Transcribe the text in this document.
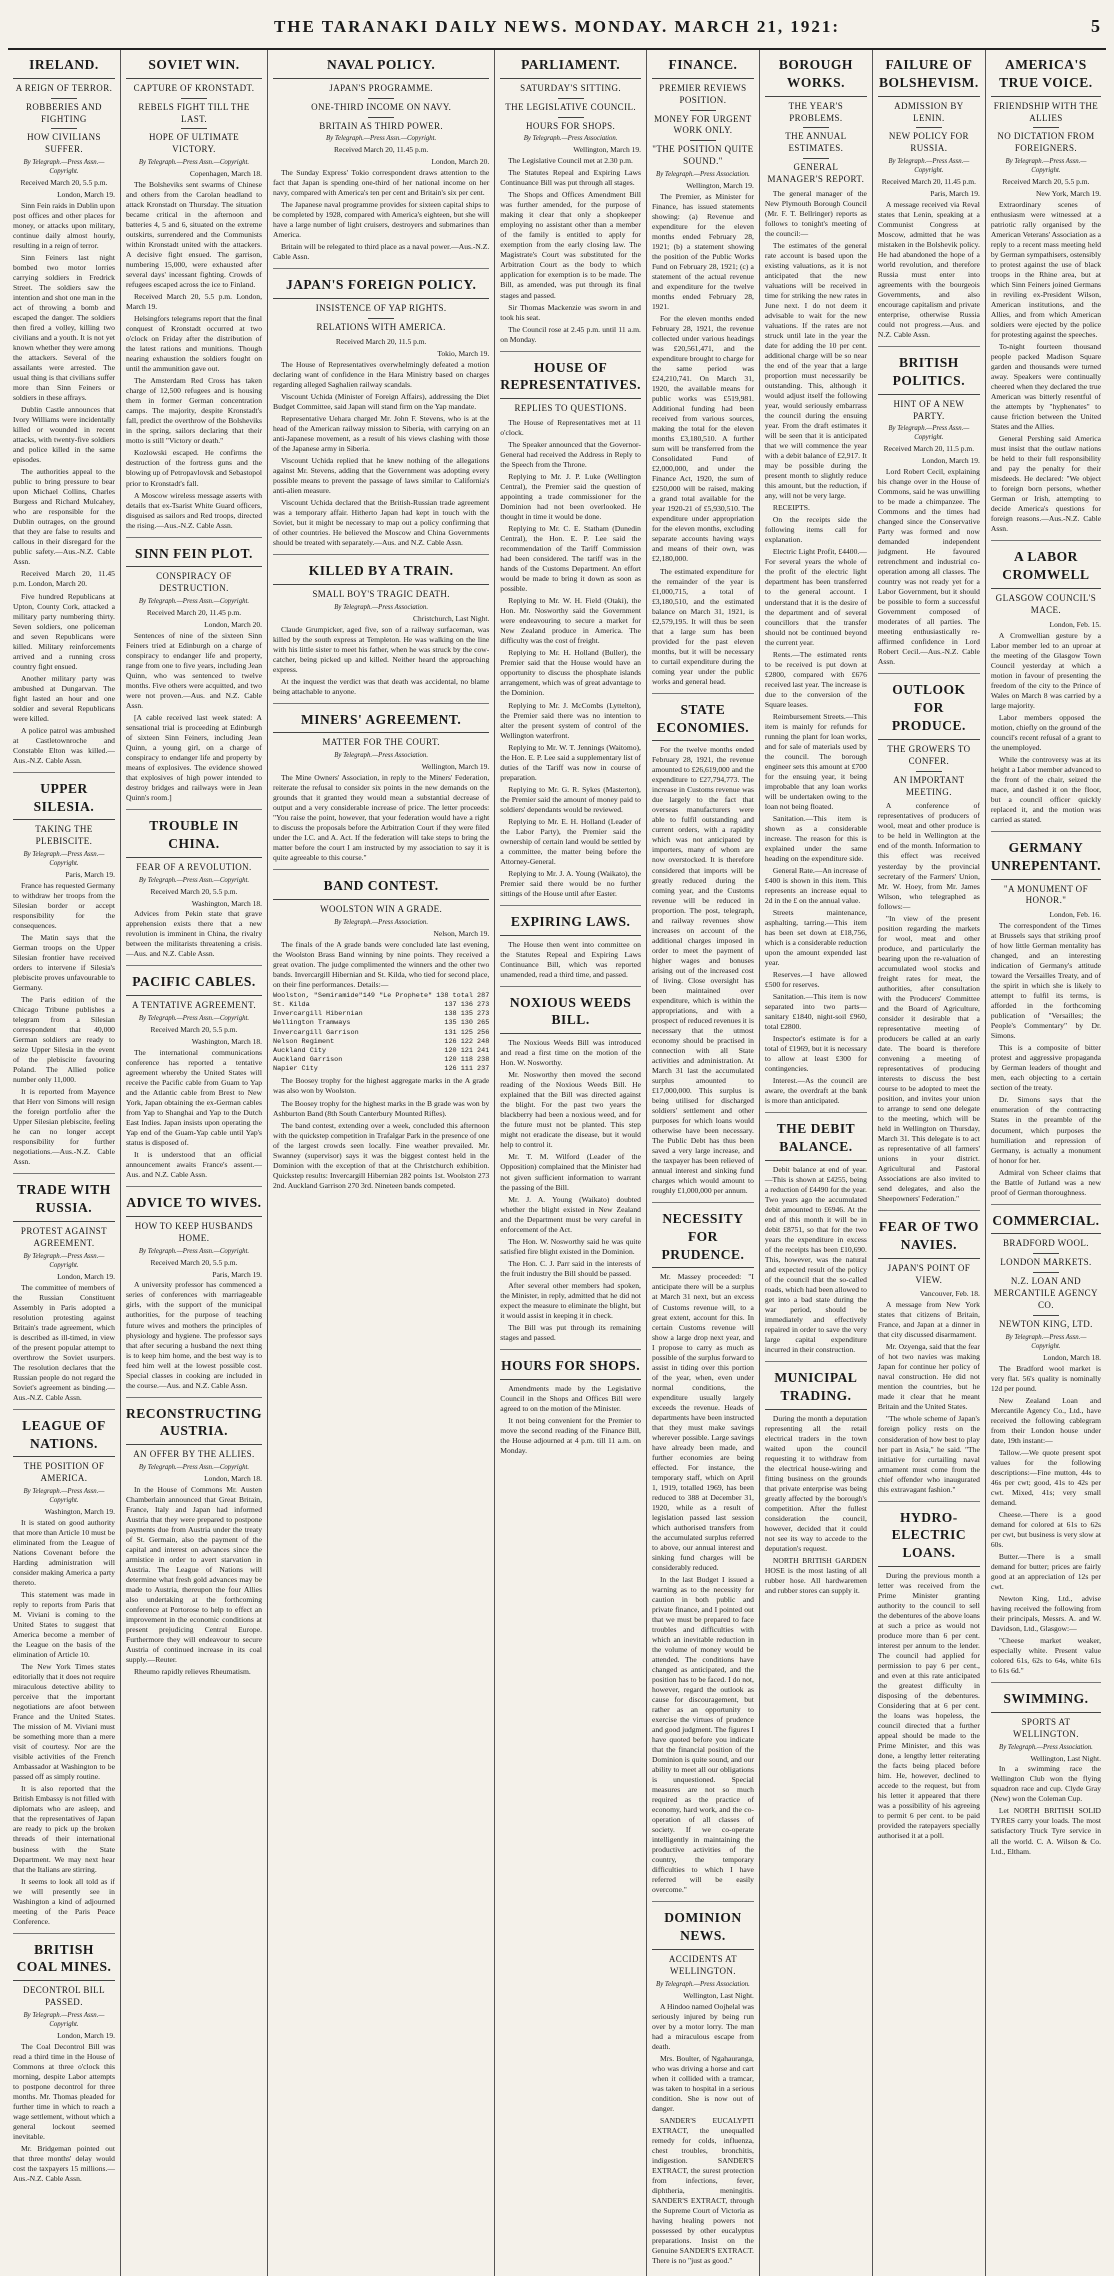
THE TARANAKI DAILY NEWS. MONDAY. MARCH 21, 1921:	5
IRELAND.
A REIGN OF TERROR.
ROBBERIES AND FIGHTING
HOW CIVILIANS SUFFER.
By Telegraph.—Press Assn.—Copyright.
Received March 20, 5.5 p.m.
London, March 19.

Sinn Fein raids in Dublin upon post offices and other places for money, or attacks upon military, continue daily almost hourly, resulting in a reign of terror.

Sinn Feiners last night bombed two motor lorries carrying soldiers in Fredrick Street. The soldiers saw the intention and shot one man in the act of throwing a bomb and escaped the danger. The soldiers then fired a volley, killing two civilians and a youth. It is not yet known whether they were among the attackers. Several of the assailants were arrested. The usual thing is that civilians suffer more than Sinn Feiners or soldiers in these affrays.

Dublin Castle announces that Ivory Williams were incidentally killed or wounded in recent attacks, with twenty-five soldiers and police killed in the same episodes.

The authorities appeal to the public to bring pressure to bear upon Michael Collins, Charles Burgess and Richard Mulcahey, who are responsible for the Dublin outrages, on the ground that they are false to results and callous in their disregard for the public safety.—Aus.-N.Z. Cable Assn.

Received March 20, 11.45 p.m. London, March 20.

Five hundred Republicans at Upton, County Cork, attacked a military party numbering thirty. Seven soldiers, one policeman and seven Republicans were killed. Military reinforcements arrived and a running cross country fight ensued.

Another military party was ambushed at Dungarvan. The fight lasted an hour and one soldier and several Republicans were killed.

A police patrol was ambushed at Castletownroche and Constable Elton was killed.—Aus.-N.Z. Cable Assn.

UPPER SILESIA.
TAKING THE PLEBISCITE.
By Telegraph.—Press Assn.—Copyright.
Paris, March 19.

France has requested Germany to withdraw her troops from the Silesian border or accept responsibility for the consequences.

The Matin says that the German troops on the Upper Silesian frontier have received orders to intervene if Silesia's plebiscite proves unfavourable to Germany.

The Paris edition of the Chicago Tribune publishes a telegram from a Silesian correspondent that 40,000 German soldiers are ready to seize Upper Silesia in the event of the plebiscite favouring Poland. The Allied police number only 11,000.

It is reported from Mayence that Herr von Simons will resign the foreign portfolio after the Upper Silesian plebiscite, feeling he can no longer accept responsibility for further negotiations.—Aus.-N.Z. Cable Assn.

TRADE WITH RUSSIA.
PROTEST AGAINST AGREEMENT.
By Telegraph.—Press Assn.—Copyright.
London, March 19.

The committee of members of the Russian Constituent Assembly in Paris adopted a resolution protesting against Britain's trade agreement, which is described as ill-timed, in view of the present popular attempt to overthrow the Soviet usurpers. The resolution declares that the Russian people do not regard the Soviet's agreement as binding.—Aus.-N.Z. Cable Assn.

LEAGUE OF NATIONS.
THE POSITION OF AMERICA.
By Telegraph.—Press Assn.—Copyright.
Washington, March 19.

It is stated on good authority that more than Article 10 must be eliminated from the League of Nations Covenant before the Harding administration will consider making America a party thereto.

This statement was made in reply to reports from Paris that M. Viviani is coming to the United States to suggest that America become a member of the League on the basis of the elimination of Article 10.

The New York Times states editorially that it does not require miraculous detective ability to perceive that the important negotiations are afoot between France and the United States. The mission of M. Viviani must be something more than a mere visit of courtesy. Nor are the visible activities of the French Ambassador at Washington to be passed off as simply routine.

It is also reported that the British Embassy is not filled with diplomats who are asleep, and that the representatives of Japan are ready to pick up the broken threads of their international business with the State Department. We may next hear that the Italians are stirring.

It seems to look all told as if we will presently see in Washington a kind of adjourned meeting of the Paris Peace Conference.

BRITISH COAL MINES.
DECONTROL BILL PASSED.
By Telegraph.—Press Assn.—Copyright.
London, March 19.

The Coal Decontrol Bill was read a third time in the House of Commons at three o'clock this morning, despite Labor attempts to postpone decontrol for three months. Mr. Thomas pleaded for further time in which to reach a wage settlement, without which a general lockout seemed inevitable.

Mr. Bridgeman pointed out that three months' delay would cost the taxpayers 15 millions.—Aus.-N.Z. Cable Assn.

SOVIET WIN.
CAPTURE OF KRONSTADT.
REBELS FIGHT TILL THE LAST.
HOPE OF ULTIMATE VICTORY.
By Telegraph.—Press Assn.—Copyright.
Copenhagen, March 18.

The Bolsheviks sent swarms of Chinese and others from the Carolan headland to attack Kronstadt on Thursday. The situation became critical in the afternoon and batteries 4, 5 and 6, situated on the extreme outskirts, surrendered and the Communists within Kronstadt united with the attackers. A decisive fight ensued. The garrison, numbering 15,000, were exhausted after several days' incessant fighting. Crowds of refugees escaped across the ice to Finland.

Received March 20, 5.5 p.m. London, March 19.

Helsingfors telegrams report that the final conquest of Kronstadt occurred at two o'clock on Friday after the distribution of the latest rations and munitions. Though nearing exhaustion the soldiers fought on until the ammunition gave out.

The Amsterdam Red Cross has taken charge of 12,500 refugees and is housing them in former German concentration camps. The majority, despite Kronstadt's fall, predict the overthrow of the Bolsheviks in the spring, sailors declaring that their motto is still "Victory or death."

Kozlowski escaped. He confirms the destruction of the fortress guns and the blowing up of Petropavlovsk and Sebastopol prior to Kronstadt's fall.

A Moscow wireless message asserts with details that ex-Tsarist White Guard officers, disguised as sailors and Red troops, directed the rising.—Aus.-N.Z. Cable Assn.

SINN FEIN PLOT.
CONSPIRACY OF DESTRUCTION.
By Telegraph.—Press Assn.—Copyright.
Received March 20, 11.45 p.m.
London, March 20.

Sentences of nine of the sixteen Sinn Feiners tried at Edinburgh on a charge of conspiracy to endanger life and property, range from one to five years, including Jean Quinn, who was sentenced to twelve months. Five others were acquitted, and two were not proven.—Aus. and N.Z. Cable Assn.

[A cable received last week stated: A sensational trial is proceeding at Edinburgh of sixteen Sinn Feiners, including Jean Quinn, a young girl, on a charge of conspiracy to endanger life and property by means of explosives. The evidence showed that explosives of high power intended to destroy bridges and railways were in Jean Quinn's room.]

TROUBLE IN CHINA.
FEAR OF A REVOLUTION.
By Telegraph.—Press Assn.—Copyright.
Received March 20, 5.5 p.m.
Washington, March 18.

Advices from Pekin state that grave apprehension exists there that a new revolution is imminent in China, the rivalry between the militarists threatening a crisis.—Aus. and N.Z. Cable Assn.

PACIFIC CABLES.
A TENTATIVE AGREEMENT.
By Telegraph.—Press Assn.—Copyright.
Received March 20, 5.5 p.m.
Washington, March 18.

The international communications conference has reported a tentative agreement whereby the United States will receive the Pacific cable from Guam to Yap and the Atlantic cable from Brest to New York, Japan obtaining the ex-German cables from Yap to Shanghai and Yap to the Dutch East Indies. Japan insists upon operating the Yap end of the Guam-Yap cable until Yap's status is disposed of.

It is understood that an official announcement awaits France's assent.—Aus. and N.Z. Cable Assn.

ADVICE TO WIVES.
HOW TO KEEP HUSBANDS HOME.
By Telegraph.—Press Assn.—Copyright.
Received March 20, 5.5 p.m.
Paris, March 19.

A university professor has commenced a series of conferences with marriageable girls, with the support of the municipal authorities, for the purpose of teaching future wives and mothers the principles of physiology and hygiene. The professor says that after securing a husband the next thing is to keep him home, and the best way is to feed him well at the lowest possible cost. Special classes in cooking are included in the course.—Aus. and N.Z. Cable Assn.

RECONSTRUCTING AUSTRIA.
AN OFFER BY THE ALLIES.
By Telegraph.—Press Assn.—Copyright.
London, March 18.

In the House of Commons Mr. Austen Chamberlain announced that Great Britain, France, Italy and Japan had informed Austria that they were prepared to postpone payments due from Austria under the treaty of St. Germain, also the payment of the capital and interest on advances since the armistice in order to avert starvation in Austria. The League of Nations will determine what fresh gold advances may be made to Austria, thereupon the four Allies also undertaking at the forthcoming conference at Portorose to help to effect an improvement in the economic conditions at present prejudicing Central Europe. Furthermore they will endeavour to secure Austria of continued increase in its coal supply.—Reuter.

Rheumo rapidly relieves Rheumatism.

NAVAL POLICY.
JAPAN'S PROGRAMME.
ONE-THIRD INCOME ON NAVY.
BRITAIN AS THIRD POWER.
By Telegraph.—Press Assn.—Copyright.
Received March 20, 11.45 p.m.
London, March 20.

The Sunday Express' Tokio correspondent draws attention to the fact that Japan is spending one-third of her national income on her navy, compared with America's ten per cent and Britain's six per cent.

The Japanese naval programme provides for sixteen capital ships to be completed by 1928, compared with America's eighteen, but she will have a large number of light cruisers, destroyers and submarines than America.

Britain will be relegated to third place as a naval power.—Aus.-N.Z. Cable Assn.

JAPAN'S FOREIGN POLICY.
INSISTENCE OF YAP RIGHTS.
RELATIONS WITH AMERICA.
Received March 20, 11.5 p.m.
Tokio, March 19.

The House of Representatives overwhelmingly defeated a motion declaring want of confidence in the Hara Ministry based on charges regarding alleged Saghalien railway scandals.

Viscount Uchida (Minister of Foreign Affairs), addressing the Diet Budget Committee, said Japan will stand firm on the Yap mandate.

Representative Uehara charged Mr. John F. Stevens, who is at the head of the American railway mission to Siberia, with carrying on an anti-Japanese movement, as a result of his views clashing with those of the Japanese army in Siberia.

Viscount Uchida replied that he knew nothing of the allegations against Mr. Stevens, adding that the Government was adopting every possible means to prevent the passage of laws similar to California's anti-alien measure.

Viscount Uchida declared that the British-Russian trade agreement was a temporary affair. Hitherto Japan had kept in touch with the Soviet, but it might be necessary to map out a policy confirming that of other countries. He believed the Moscow and China Governments should be treated with separately.—Aus. and N.Z. Cable Assn.

KILLED BY A TRAIN.
SMALL BOY'S TRAGIC DEATH.
By Telegraph.—Press Association.
Christchurch, Last Night.

Claude Grumpicker, aged five, son of a railway surfaceman, was killed by the south express at Templeton. He was walking on the line with his little sister to meet his father, when he was struck by the cow-catcher, being picked up and killed. Neither heard the approaching express.

At the inquest the verdict was that death was accidental, no blame being attachable to anyone.

MINERS' AGREEMENT.
MATTER FOR THE COURT.
By Telegraph.—Press Association.
Wellington, March 19.

The Mine Owners' Association, in reply to the Miners' Federation, reiterate the refusal to consider six points in the new demands on the grounds that it granted they would mean a substantial decrease of output and a very considerable increase of price. The letter proceeds: "You raise the point, however, that your federation would have a right to discuss the proposals before the Arbitration Court if they were filed under the I.C. and A. Act. If the federation will take steps to bring the matter before the court I am instructed by my association to say it is quite agreeable to this course."

BAND CONTEST.
WOOLSTON WIN A GRADE.
By Telegraph.—Press Association.
Nelson, March 19.

The finals of the A grade bands were concluded late last evening, the Woolston Brass Band winning by nine points. They received a great ovation. The judge complimented the winners and the other two bands. Invercargill Hibernian and St. Kilda, who tied for second place, on their fine performances. Details:—

Woolston, "Semiramide" 149 "Le Prophete" 138 total 287
St. Kilda	137 136 273
Invercargill Hibernian	138 135 273
Wellington Tramways	135 130 265
Invercargill Garrison	131 125 256
Nelson Regiment	126 122 248
Auckland City	120 121 241
Auckland Garrison	120 118 238
Napier City	126 111 237

The Boosey trophy for the highest aggregate marks in the A grade was also won by Woolston.

The Boosey trophy for the highest marks in the B grade was won by Ashburton Band (8th South Canterbury Mounted Rifles).

The band contest, extending over a week, concluded this afternoon with the quickstep competition in Trafalgar Park in the presence of one of the largest crowds seen locally. Fine weather prevailed. Mr. Swanney (supervisor) says it was the biggest contest held in the Dominion with the exception of that at the Christchurch exhibition. Quickstep results: Invercargill Hibernian 282 points 1st. Woolston 273 2nd. Auckland Garrison 270 3rd. Nineteen bands competed.

PARLIAMENT.
SATURDAY'S SITTING.
THE LEGISLATIVE COUNCIL.
HOURS FOR SHOPS.
By Telegraph.—Press Association.
Wellington, March 19.

The Legislative Council met at 2.30 p.m.

The Statutes Repeal and Expiring Laws Continuance Bill was put through all stages.

The Shops and Offices Amendment Bill was further amended, for the purpose of making it clear that only a shopkeeper employing no assistant other than a member of the family is entitled to apply for exemption from the early closing law. The Magistrate's Court was substituted for the Arbitration Court as the body to which application for exemption is to be made. The Bill, as amended, was put through its final stages and passed.

Sir Thomas Mackenzie was sworn in and took his seat.

The Council rose at 2.45 p.m. until 11 a.m. on Monday.

HOUSE OF REPRESENTATIVES.
REPLIES TO QUESTIONS.

The House of Representatives met at 11 o'clock.

The Speaker announced that the Governor-General had received the Address in Reply to the Speech from the Throne.

Replying to Mr. J. P. Luke (Wellington Central), the Premier said the question of appointing a trade commissioner for the Dominion had not been overlooked. He thought in time it would be done.

Replying to Mr. C. E. Statham (Dunedin Central), the Hon. E. P. Lee said the recommendation of the Tariff Commission had been considered. The tariff was in the hands of the Customs Department. An effort would be made to bring it down as soon as possible.

Replying to Mr. W. H. Field (Otaki), the Hon. Mr. Nosworthy said the Government were endeavouring to secure a market for New Zealand produce in America. The difficulty was the cost of freight.

Replying to Mr. H. Holland (Buller), the Premier said that the House would have an opportunity to discuss the phosphate islands arrangement, which was of great advantage to the Dominion.

Replying to Mr. J. McCombs (Lyttelton), the Premier said there was no intention to alter the present system of control of the Wellington waterfront.

Replying to Mr. W. T. Jennings (Waitomo), the Hon. E. P. Lee said a supplementary list of duties of the Tariff was now in course of preparation.

Replying to Mr. G. R. Sykes (Masterton), the Premier said the amount of money paid to soldiers' dependants would be reviewed.

Replying to Mr. E. H. Holland (Leader of the Labor Party), the Premier said the ownership of certain land would be settled by a committee, the matter being before the Attorney-General.

Replying to Mr. J. A. Young (Waikato), the Premier said there would be no further sittings of the House until after Easter.

EXPIRING LAWS.

The House then went into committee on the Statutes Repeal and Expiring Laws Continuance Bill, which was reported unamended, read a third time, and passed.

NOXIOUS WEEDS BILL.

The Noxious Weeds Bill was introduced and read a first time on the motion of the Hon. W. Nosworthy.

Mr. Nosworthy then moved the second reading of the Noxious Weeds Bill. He explained that the Bill was directed against the blight. For the past two years the blackberry had been a noxious weed, and for the future must not be planted. This step might not eradicate the disease, but it would help to control it.

Mr. T. M. Wilford (Leader of the Opposition) complained that the Minister had not given sufficient information to warrant the passing of the Bill.

Mr. J. A. Young (Waikato) doubted whether the blight existed in New Zealand and the Department must be very careful in enforcement of the Act.

The Hon. W. Nosworthy said he was quite satisfied fire blight existed in the Dominion.

The Hon. C. J. Parr said in the interests of the fruit industry the Bill should be passed.

After several other members had spoken, the Minister, in reply, admitted that he did not expect the measure to eliminate the blight, but it would assist in keeping it in check.

The Bill was put through its remaining stages and passed.

HOURS FOR SHOPS.

Amendments made by the Legislative Council in the Shops and Offices Bill were agreed to on the motion of the Minister.

It not being convenient for the Premier to move the second reading of the Finance Bill, the House adjourned at 4 p.m. till 11 a.m. on Monday.

FINANCE.
PREMIER REVIEWS POSITION.
MONEY FOR URGENT WORK ONLY.
"THE POSITION QUITE SOUND."
By Telegraph.—Press Association.
Wellington, March 19.

The Premier, as Minister for Finance, has issued statements showing: (a) Revenue and expenditure for the eleven months ended February 28, 1921; (b) a statement showing the position of the Public Works Fund on February 28, 1921; (c) a statement of the actual revenue and expenditure for the twelve months ended February 28, 1921.

For the eleven months ended February 28, 1921, the revenue collected under various headings was £20,561,471, and the expenditure brought to charge for the same period was £24,210,741. On March 31, 1920, the available means for public works was £519,981. Additional funding had been received from various sources, making the total for the eleven months £3,180,510. A further sum will be transferred from the Consolidated Fund of £2,000,000, and under the Finance Act, 1920, the sum of £250,000 will be raised, making a grand total available for the year 1920-21 of £5,930,510. The expenditure under appropriation for the eleven months, excluding separate accounts having ways and means of their own, was £2,180,000.

The estimated expenditure for the remainder of the year is £1,000,715, a total of £3,180,510, and the estimated balance on March 31, 1921, is £2,579,195. It will thus be seen that a large sum has been provided for the past eleven months, but it will be necessary to curtail expenditure during the coming year under the public works and general head.

STATE ECONOMIES.

For the twelve months ended February 28, 1921, the revenue amounted to £26,619,000 and the expenditure to £27,794,773. The increase in Customs revenue was due largely to the fact that overseas manufacturers were able to fulfil outstanding and current orders, with a rapidity which was not anticipated by importers, many of whom are now overstocked. It is therefore considered that imports will be greatly reduced during the coming year, and the Customs revenue will be reduced in proportion. The post, telegraph, and railway revenues show increases on account of the additional charges imposed in order to meet the payment of higher wages and bonuses arising out of the increased cost of living. Close oversight has been maintained over expenditure, which is within the appropriations, and with a prospect of reduced revenues it is necessary that the utmost economy should be practised in connection with all State activities and administration. At March 31 last the accumulated surplus amounted to £17,000,000. This surplus is being utilised for discharged soldiers' settlement and other purposes for which loans would otherwise have been necessary. The Public Debt has thus been saved a very large increase, and the taxpayer has been relieved of annual interest and sinking fund charges which would amount to roughly £1,000,000 per annum.

NECESSITY FOR PRUDENCE.

Mr. Massey proceeded: "I anticipate there will be a surplus at March 31 next, but an excess of Customs revenue will, to a great extent, account for this. In certain Customs revenue will show a large drop next year, and I propose to carry as much as possible of the surplus forward to assist in tiding over this portion of the year, when, even under normal conditions, the expenditure usually largely exceeds the revenue. Heads of departments have been instructed that they must make savings wherever possible. Large savings have already been made, and further economies are being effected. For instance, the temporary staff, which on April 1, 1919, totalled 1969, has been reduced to 388 at December 31, 1920, while as a result of legislation passed last session which authorised transfers from the accumulated surplus referred to above, our annual interest and sinking fund charges will be considerably reduced.

In the last Budget I issued a warning as to the necessity for caution in both public and private finance, and I pointed out that we must be prepared to face troubles and difficulties with which an inevitable reduction in the volume of money would be attended. The conditions have changed as anticipated, and the position has to be faced. I do not, however, regard the outlook as cause for discouragement, but rather as an opportunity to exercise the virtues of prudence and good judgment. The figures I have quoted before you indicate that the financial position of the Dominion is quite sound, and our ability to meet all our obligations is unquestioned. Special measures are not so much required as the practice of economy, hard work, and the co-operation of all classes of society. If we co-operate intelligently in maintaining the productive activities of the country, the temporary difficulties to which I have referred will be easily overcome."

DOMINION NEWS.
ACCIDENTS AT WELLINGTON.
By Telegraph.—Press Association.
Wellington, Last Night.

A Hindoo named Oojhelal was seriously injured by being run over by a motor lorry. The man had a miraculous escape from death.

Mrs. Boulter, of Ngahauranga, who was driving a horse and cart when it collided with a tramcar, was taken to hospital in a serious condition. She is now out of danger.

SANDER'S EUCALYPTI EXTRACT, the unequalled remedy for colds, influenza, chest troubles, bronchitis, indigestion. SANDER'S EXTRACT, the surest protection from infections, fever, diphtheria, meningitis. SANDER'S EXTRACT, through the Supreme Court of Victoria as having healing powers not possessed by other eucalyptus preparations. Insist on the Genuine SANDER'S EXTRACT. There is no "just as good."

BOROUGH WORKS.
THE YEAR'S PROBLEMS.
THE ANNUAL ESTIMATES.
GENERAL MANAGER'S REPORT.

The general manager of the New Plymouth Borough Council (Mr. F. T. Bellringer) reports as follows to tonight's meeting of the council:—

The estimates of the general rate account is based upon the existing valuations, as it is not anticipated that the new valuations will be received in time for striking the new rates in June next. I do not deem it advisable to wait for the new valuations. If the rates are not struck until late in the year the date for adding the 10 per cent. additional charge will be so near the end of the year that a large proportion must necessarily be outstanding. This, although it would adjust itself the following year, would seriously embarrass the council during the ensuing year. From the draft estimates it will be seen that it is anticipated that we will commence the year with a debit balance of £2,917. It may be possible during the present month to slightly reduce this amount, but the reduction, if any, will not be very large.

RECEIPTS.

On the receipts side the following items call for explanation.

Electric Light Profit, £4400.—For several years the whole of the profit of the electric light department has been transferred to the general account. I understand that it is the desire of the department and of several councillors that the transfer should not be continued beyond the current year.

Rents.—The estimated rents to be received is put down at £2800, compared with £676 received last year. The increase is due to the conversion of the Square leases.

Reimbursement Streets.—This item is mainly for refunds for running the plant for loan works, and for sale of materials used by the council. The borough engineer sets this amount at £700 for the ensuing year, it being improbable that any loan works will be undertaken owing to the loan not being floated.

Sanitation.—This item is shown as a considerable increase. The reason for this is explained under the same heading on the expenditure side.

General Rate.—An increase of £400 is shown in this item. This represents an increase equal to 2d in the £ on the annual value.

Streets maintenance, asphalting, tarring.—This item has been set down at £18,756, which is a considerable reduction upon the amount expended last year.

Reserves.—I have allowed £500 for reserves.

Sanitation.—This item is now separated into two parts—sanitary £1840, night-soil £960, total £2800.

Inspector's estimate is for a total of £1969, but it is necessary to allow at least £300 for contingencies.

Interest.—As the council are aware, the overdraft at the bank is more than anticipated.

THE DEBIT BALANCE.

Debit balance at end of year.—This is shown at £4255, being a reduction of £4490 for the year. Two years ago the accumulated debit amounted to £6946. At the end of this month it will be in debit £8751, so that for the two years the expenditure in excess of the receipts has been £10,690. This, however, was the natural and expected result of the policy of the council that the so-called roads, which had been allowed to get into a bad state during the war period, should be immediately and effectively repaired in order to save the very large capital expenditure incurred in their construction.

MUNICIPAL TRADING.

During the month a deputation representing all the retail electrical traders in the town waited upon the council requesting it to withdraw from the electrical house-wiring and fitting business on the grounds that private enterprise was being greatly affected by the borough's competition. After the fullest consideration the council, however, decided that it could not see its way to accede to the deputation's request.

NORTH BRITISH GARDEN HOSE is the most lasting of all rubber hose. All hardwaremen and rubber stores can supply it.

FAILURE OF BOLSHEVISM.
ADMISSION BY LENIN.
NEW POLICY FOR RUSSIA.
By Telegraph.—Press Assn.—Copyright.
Received March 20, 11.45 p.m.
Paris, March 19.

A message received via Reval states that Lenin, speaking at a Communist Congress at Moscow, admitted that he was mistaken in the Bolshevik policy. He had abandoned the hope of a world revolution, and therefore Russia must enter into agreements with the bourgeois Governments, and also encourage capitalism and private enterprise, otherwise Russia could not progress.—Aus. and N.Z. Cable Assn.

BRITISH POLITICS.
HINT OF A NEW PARTY.
By Telegraph.—Press Assn.—Copyright.
Received March 20, 11.5 p.m.
London, March 19.

Lord Robert Cecil, explaining his change over in the House of Commons, said he was unwilling to be made a chimpanzee. The Commons and the times had changed since the Conservative Party was formed and now demanded independent judgment. He favoured retrenchment and industrial co-operation among all classes. The country was not ready yet for a Labor Government, but it should be possible to form a successful Government composed of moderates of all parties. The meeting enthusiastically re-affirmed confidence in Lord Robert Cecil.—Aus.-N.Z. Cable Assn.

OUTLOOK FOR PRODUCE.
THE GROWERS TO CONFER.
AN IMPORTANT MEETING.

A conference of representatives of producers of wool, meat and other produce is to be held in Wellington at the end of the month. Information to this effect was received yesterday by the provincial secretary of the Farmers' Union, Mr. W. Hoey, from Mr. James Wilson, who telegraphed as follows:—

"In view of the present position regarding the markets for wool, meat and other produce, and particularly the bearing upon the re-valuation of accumulated wool stocks and freight rates for meat, the authorities, after consultation with the Producers' Committee and the Board of Agriculture, consider it desirable that a representative meeting of producers be called at an early date. The board is therefore convening a meeting of representatives of producing interests to discuss the best course to be adopted to meet the position, and invites your union to arrange to send one delegate to the meeting, which will be held in Wellington on Thursday, March 31. This delegate is to act as representative of all farmers' unions in your district. Agricultural and Pastoral Associations are also invited to send delegates, and also the Sheepowners' Federation."

FEAR OF TWO NAVIES.
JAPAN'S POINT OF VIEW.
Vancouver, Feb. 18.

A message from New York states that citizens of Britain, France, and Japan at a dinner in that city discussed disarmament.

Mr. Ozyenga, said that the fear of hot two navies was making Japan for continue her policy of naval construction. He did not mention the countries, but he made it clear that he meant Britain and the United States.

"The whole scheme of Japan's foreign policy rests on the consideration of how best to play her part in Asia," he said. "The initiative for curtailing naval armament must come from the chief offender who inaugurated this extravagant fashion."

HYDRO-ELECTRIC LOANS.

During the previous month a letter was received from the Prime Minister granting authority to the council to sell the debentures of the above loans at such a price as would not produce more than 6 per cent. interest per annum to the lender. The council had applied for permission to pay 6 per cent., and even at this rate anticipated the greatest difficulty in disposing of the debentures. Considering that at 6 per cent. the loans was hopeless, the council directed that a further appeal should be made to the Prime Minister, and this was done, a lengthy letter reiterating the facts being placed before him. He, however, declined to accede to the request, but from his letter it appeared that there was a possibility of his agreeing to permit 6 per cent. to be paid provided the ratepayers specially authorised it at a poll.

AMERICA'S TRUE VOICE.
FRIENDSHIP WITH THE ALLIES
NO DICTATION FROM FOREIGNERS.
By Telegraph.—Press Assn.—Copyright.
Received March 20, 5.5 p.m.
New York, March 19.

Extraordinary scenes of enthusiasm were witnessed at a patriotic rally organised by the American Veterans' Association as a reply to a recent mass meeting held by German sympathisers, ostensibly to protest against the use of black troops in the Rhine area, but at which Sinn Feiners joined Germans in reviling ex-President Wilson, American institutions, and the Allies, and from which American soldiers were ejected by the police for protesting against the speeches.

To-night fourteen thousand people packed Madison Square garden and thousands were turned away. Speakers were continually cheered when they declared the true American was bitterly resentful of the attempts by "hyphenates" to cause friction between the United States and the Allies.

General Pershing said America must insist that the outlaw nations be held to their full responsibility and pay the penalty for their misdeeds. He declared: "We object to foreign born persons, whether German or Irish, attempting to decide America's questions for foreign reasons.—Aus.-N.Z. Cable Assn.

A LABOR CROMWELL
GLASGOW COUNCIL'S MACE.
London, Feb. 15.

A Cromwellian gesture by a Labor member led to an uproar at the meeting of the Glasgow Town Council yesterday at which a motion in favour of presenting the freedom of the city to the Prince of Wales on March 8 was carried by a large majority.

Labor members opposed the motion, chiefly on the ground of the council's recent refusal of a grant to the unemployed.

While the controversy was at its height a Labor member advanced to the front of the chair, seized the mace, and dashed it on the floor, but a council officer quickly replaced it, and the motion was carried as stated.

GERMANY UNREPENTANT.
"A MONUMENT OF HONOR."
London, Feb. 16.

The correspondent of the Times at Brussels says that striking proof of how little German mentality has changed, and an interesting indication of Germany's attitude toward the Versailles Treaty, and of the spirit in which she is likely to attempt to fulfil its terms, is afforded in the forthcoming publication of "Versailles; the People's Commentary" by Dr. Simons.

This is a composite of bitter protest and aggressive propaganda by German leaders of thought and men, each objecting to a certain section of the treaty.

Dr. Simons says that the enumeration of the contracting States in the preamble of the document, which purposes the humiliation and repression of Germany, is actually a monument of honor for her.

Admiral von Scheer claims that the Battle of Jutland was a new proof of German thoroughness.

COMMERCIAL.
BRADFORD WOOL.
LONDON MARKETS.
N.Z. LOAN AND MERCANTILE AGENCY CO.
NEWTON KING, LTD.
By Telegraph.—Press Assn.—Copyright.
London, March 18.

The Bradford wool market is very flat. 56's quality is nominally 12d per pound.

New Zealand Loan and Mercantile Agency Co., Ltd., have received the following cablegram from their London house under date, 19th instant:—

Tallow.—We quote present spot values for the following descriptions:—Fine mutton, 44s to 46s per cwt; good, 41s to 42s per cwt. Mixed, 41s; very small demand.

Cheese.—There is a good demand for colored at 61s to 62s per cwt, but business is very slow at 60s.

Butter.—There is a small demand for butter; prices are fairly good at an appreciation of 12s per cwt.

Newton King, Ltd., advise having received the following from their principals, Messrs. A. and W. Davidson, Ltd., Glasgow:—

"Cheese market weaker, especially white. Present value colored 61s, 62s to 64s, white 61s to 61s 6d."

SWIMMING.
SPORTS AT WELLINGTON.
By Telegraph.—Press Association.
Wellington, Last Night.

In a swimming race the Wellington Club won the flying squadron race and cup. Clyde Gray (New) won the Coleman Cup.

Let NORTH BRITISH SOLID TYRES carry your loads. The most satisfactory Truck Tyre service in all the world. C. A. Wilson & Co. Ltd., Eltham.
